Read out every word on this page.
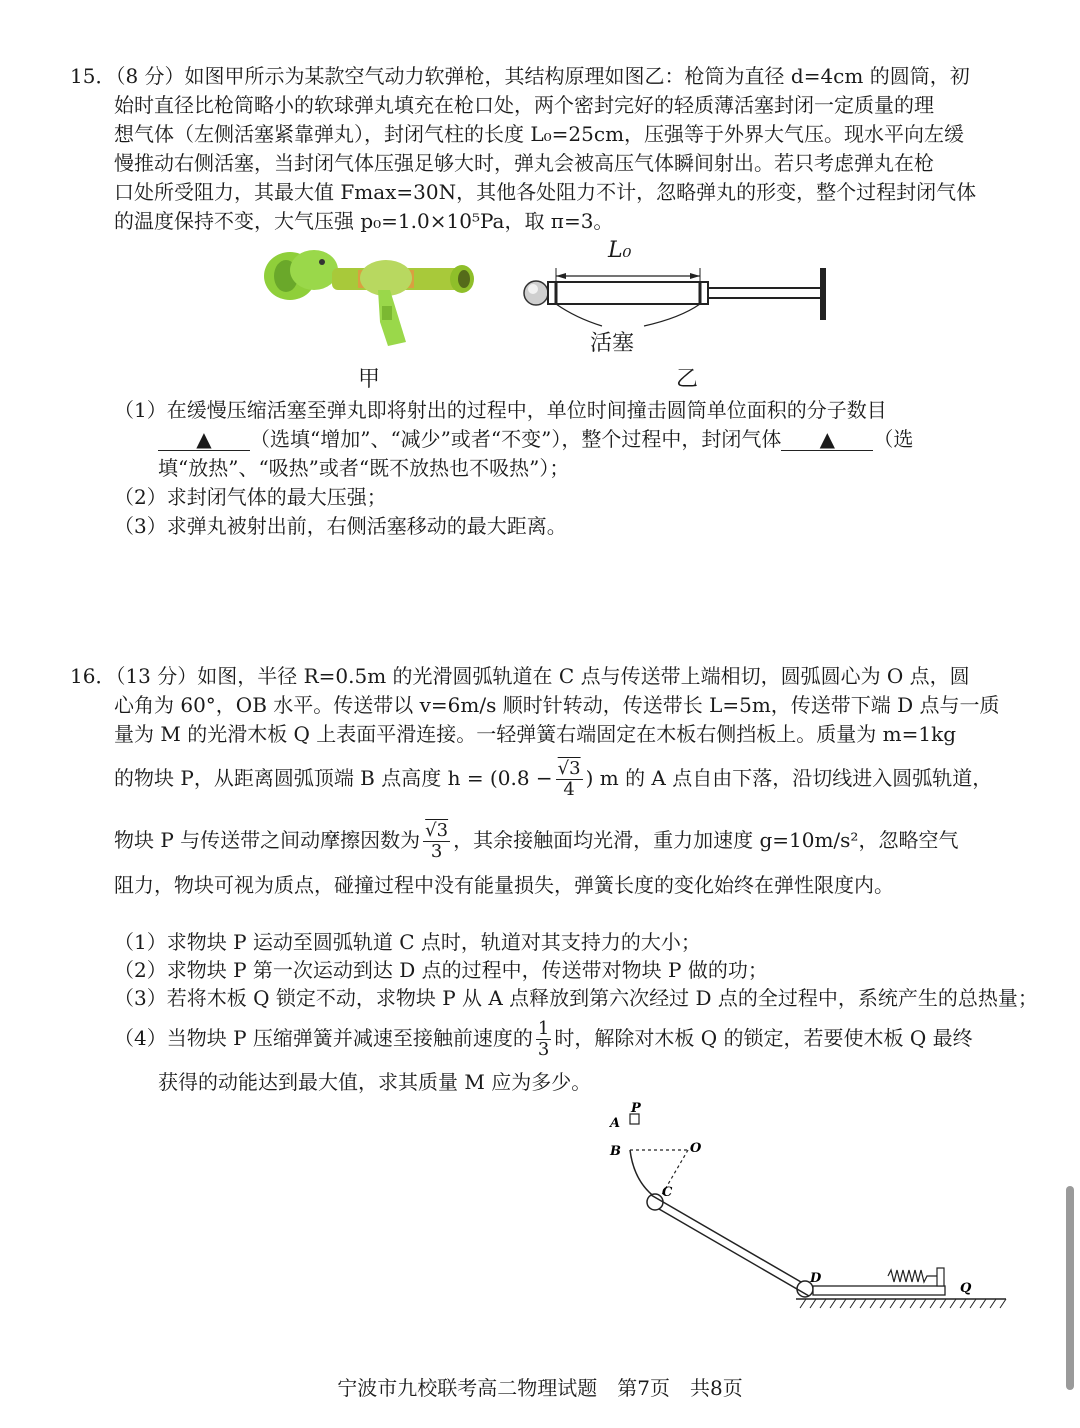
15．（8 分）如图甲所示为某款空气动力软弹枪，其结构原理如图乙：枪筒为直径 d=4cm 的圆筒，初
始时直径比枪筒略小的软球弹丸填充在枪口处，两个密封完好的轻质薄活塞封闭一定质量的理
想气体（左侧活塞紧靠弹丸），封闭气柱的长度 L₀=25cm，压强等于外界大气压。现水平向左缓
慢推动右侧活塞，当封闭气体压强足够大时，弹丸会被高压气体瞬间射出。若只考虑弹丸在枪
口处所受阻力，其最大值 Fmax=30N，其他各处阻力不计，忽略弹丸的形变，整个过程封闭气体
的温度保持不变，大气压强 p₀=1.0×10⁵Pa，取 π=3。
甲
L₀
活塞
乙
（1）在缓慢压缩活塞至弹丸即将射出的过程中，单位时间撞击圆筒单位面积的分子数目
▲ （选填“增加”、“减少”或者“不变”），整个过程中，封闭气体 ▲ （选
填“放热”、“吸热”或者“既不放热也不吸热”）；
（2）求封闭气体的最大压强；
（3）求弹丸被射出前，右侧活塞移动的最大距离。
16．（13 分）如图，半径 R=0.5m 的光滑圆弧轨道在 C 点与传送带上端相切，圆弧圆心为 O 点，圆
心角为 60°，OB 水平。传送带以 v=6m/s 顺时针转动，传送带长 L=5m，传送带下端 D 点与一质
量为 M 的光滑木板 Q 上表面平滑连接。一轻弹簧右端固定在木板右侧挡板上。质量为 m=1kg
的物块 P，从距离圆弧顶端 B 点高度 $h = (0.8 - \frac{√3}{4}$ ) m 的 A 点自由下落，沿切线进入圆弧轨道，
物块 P 与传送带之间动摩擦因数为 $\frac{√3}{3}$ ，其余接触面均光滑，重力加速度 g=10m/s²，忽略空气
阻力，物块可视为质点，碰撞过程中没有能量损失，弹簧长度的变化始终在弹性限度内。
（1）求物块 P 运动至圆弧轨道 C 点时，轨道对其支持力的大小；
（2）求物块 P 第一次运动到达 D 点的过程中，传送带对物块 P 做的功；
（3）若将木板 Q 锁定不动，求物块 P 从 A 点释放到第六次经过 D 点的全过程中，系统产生的总热量；
（4）当物块 P 压缩弹簧并减速至接触前速度的 $\frac{1}{3}$ 时，解除对木板 Q 的锁定，若要使木板 Q 最终
获得的动能达到最大值，求其质量 M 应为多少。
A
P
B	O
C
D
Q
宁波市九校联考高二物理试题　第7页　共8页
